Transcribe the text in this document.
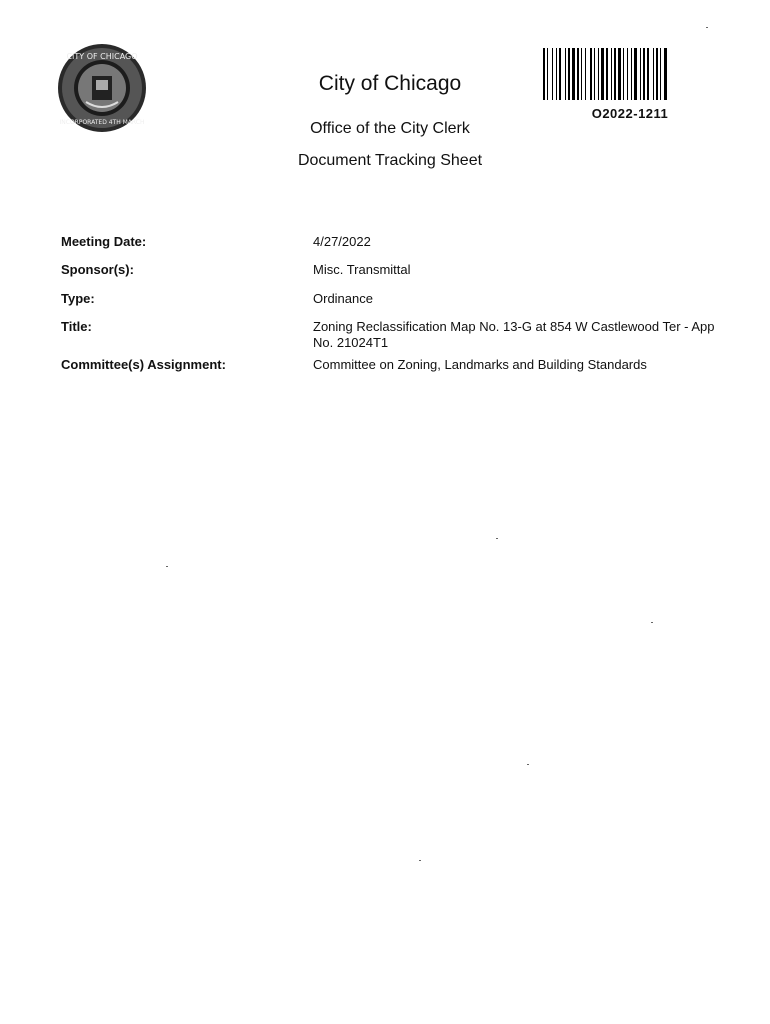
CITY OF CHICAGO
INCORPORATED 4TH MARCH
City of Chicago
Office of the City Clerk
Document Tracking Sheet
O2022-1211
Meeting Date:	4/27/2022
Sponsor(s):	Misc. Transmittal
Type:	Ordinance
Title:	Zoning Reclassification Map No. 13-G at 854 W Castlewood Ter - App No. 21024T1
Committee(s) Assignment:	Committee on Zoning, Landmarks and Building Standards
